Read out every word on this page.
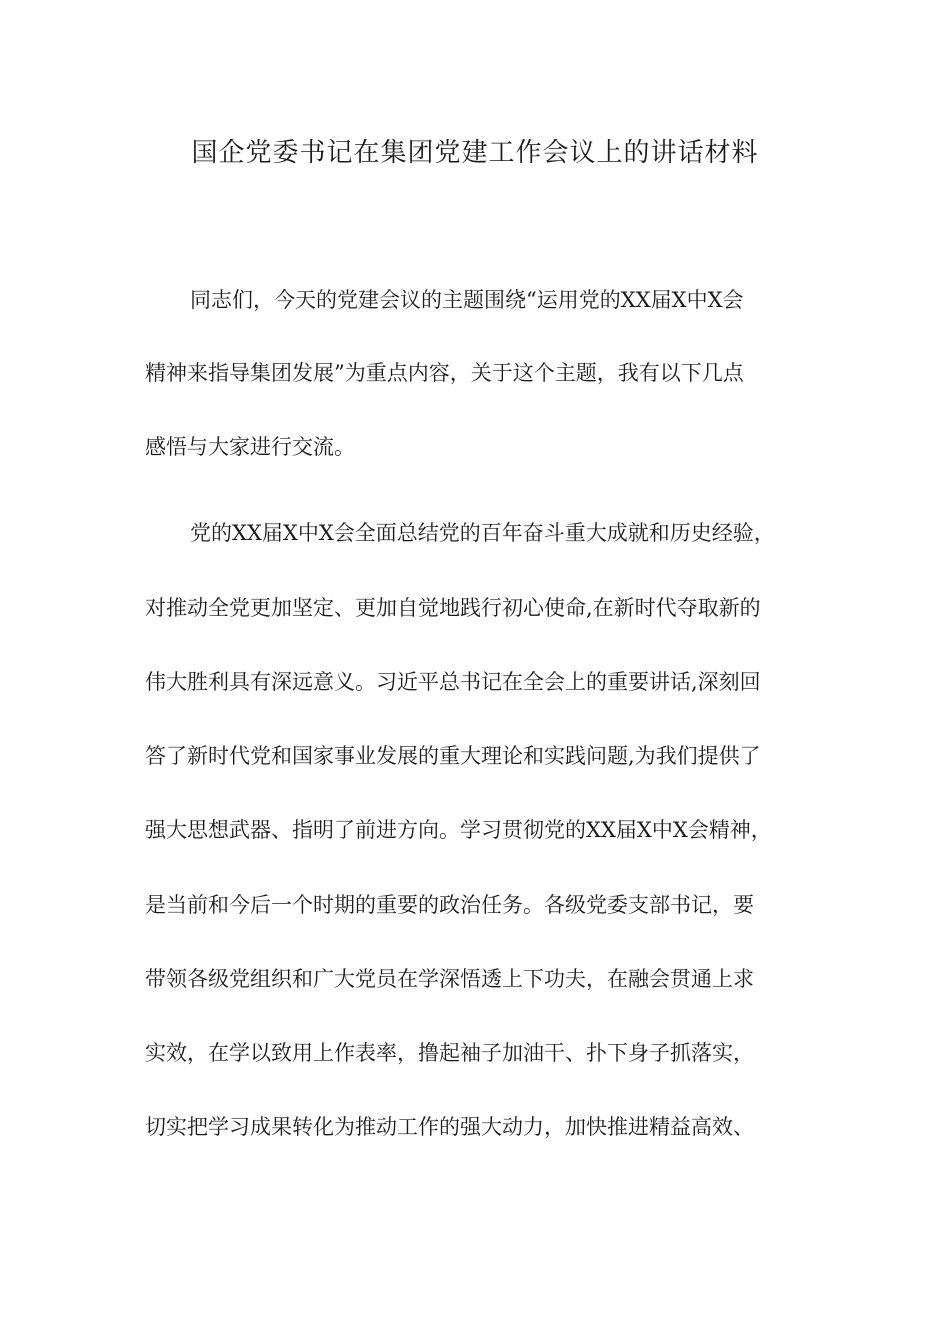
国企党委书记在集团党建工作会议上的讲话材料

同志们，今天的党建会议的主题围绕“运用党的XX届X中X会

精神来指导集团发展”为重点内容，关于这个主题，我有以下几点

感悟与大家进行交流。

党的XX届X中X会全面总结党的百年奋斗重大成就和历史经验，

对推动全党更加坚定、更加自觉地践行初心使命,在新时代夺取新的

伟大胜利具有深远意义。习近平总书记在全会上的重要讲话,深刻回

答了新时代党和国家事业发展的重大理论和实践问题,为我们提供了

强大思想武器、指明了前进方向。学习贯彻党的XX届X中X会精神，

是当前和今后一个时期的重要的政治任务。各级党委支部书记，要

带领各级党组织和广大党员在学深悟透上下功夫，在融会贯通上求

实效，在学以致用上作表率，撸起袖子加油干、扑下身子抓落实，

切实把学习成果转化为推动工作的强大动力，加快推进精益高效、
